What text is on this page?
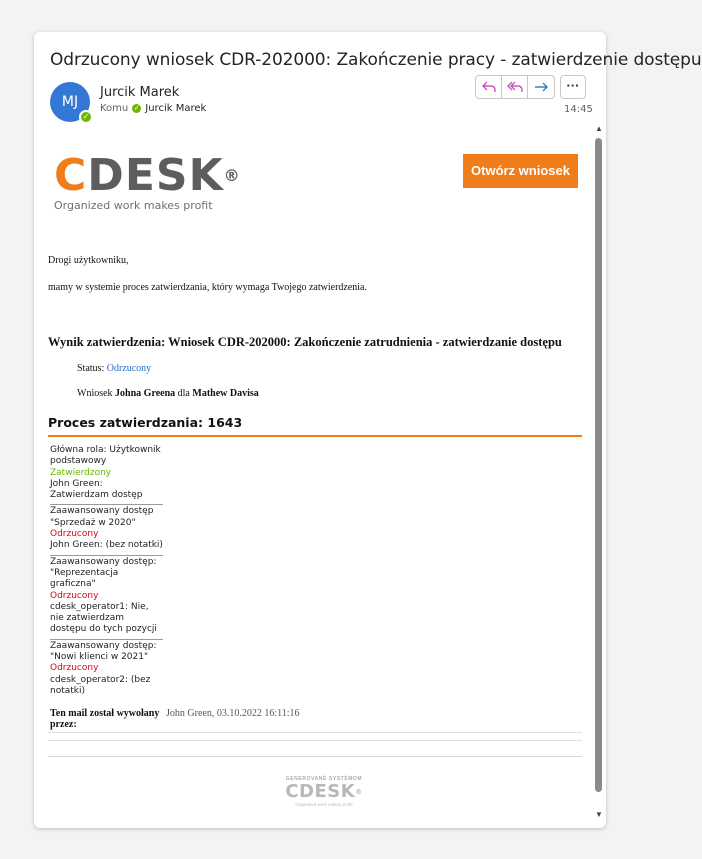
Odrzucony wniosek CDR-202000: Zakończenie pracy - zatwierdzenie dostępu
MJ
✓
Jurcik Marek
Komu ✓ Jurcik Marek
···
14:45
▲
▼
CDESK®
Organized work makes profit
Otwórz wniosek
Drogi użytkowniku,
mamy w systemie proces zatwierdzania, który wymaga Twojego zatwierdzenia.
Wynik zatwierdzenia: Wniosek CDR-202000: Zakończenie zatrudnienia - zatwierdzanie dostępu
Status: Odrzucony
Wniosek Johna Greena dla Mathew Davisa
Proces zatwierdzania: 1643
Główna rola: Użytkownik podstawowy
Zatwierdzony
John Green: Zatwierdzam dostęp
Zaawansowany dostęp "Sprzedaż w 2020"
Odrzucony
John Green: (bez notatki)
Zaawansowany dostęp: "Reprezentacja graficzna"
Odrzucony
cdesk_operator1: Nie, nie zatwierdzam dostępu do tych pozycji
Zaawansowany dostęp: "Nowi klienci w 2021"
Odrzucony
cdesk_operator2: (bez notatki)
Ten mail został wywołany przez:
John Green, 03.10.2022 16:11:16
GENEROVANÉ SYSTÉMOM
CDESK®
Organized work makes profit
